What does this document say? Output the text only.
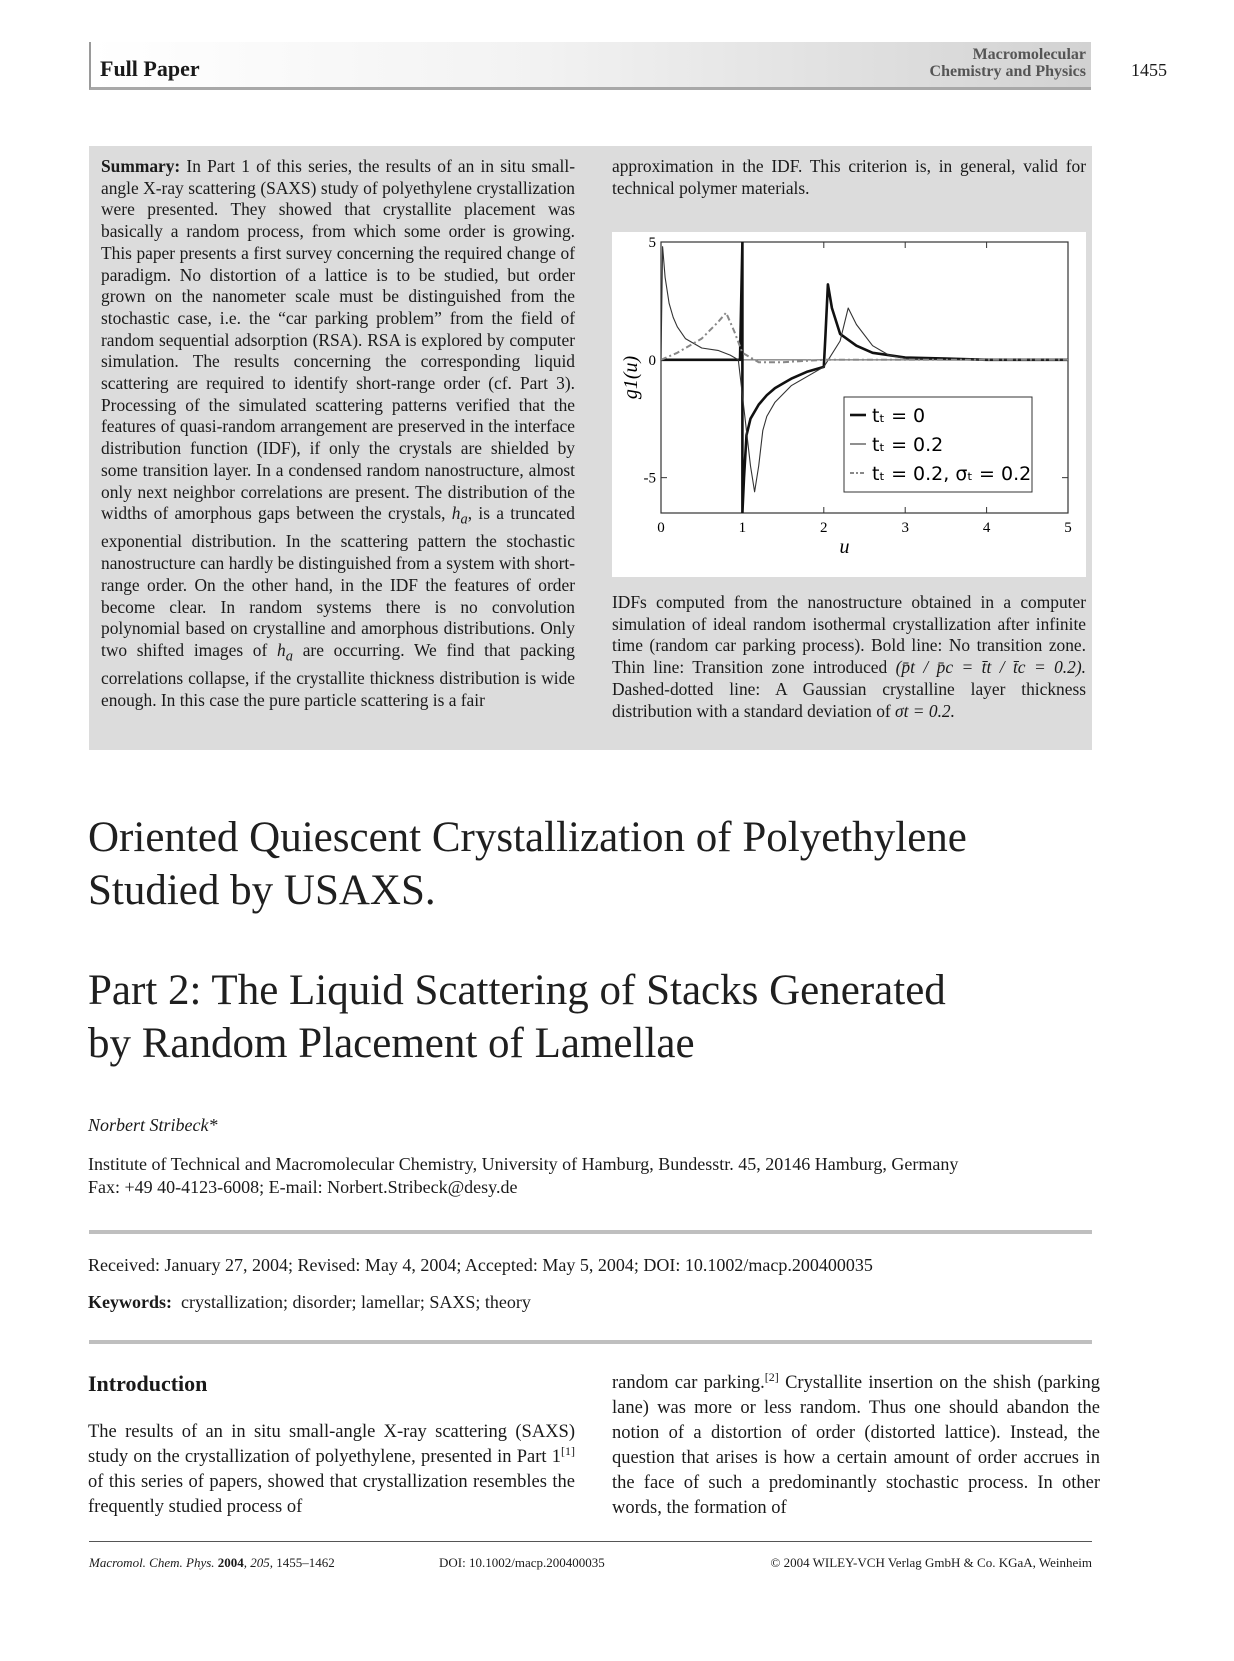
Full Paper
Macromolecular
Chemistry and Physics	1455
Summary: In Part 1 of this series, the results of an in situ small-angle X-ray scattering (SAXS) study of polyethylene crystallization were presented. They showed that crystallite placement was basically a random process, from which some order is growing. This paper presents a first survey concerning the required change of paradigm. No distortion of a lattice is to be studied, but order grown on the nanometer scale must be distinguished from the stochastic case, i.e. the “car parking problem” from the field of random sequential adsorption (RSA). RSA is explored by computer simulation. The results concerning the corresponding liquid scattering are required to identify short-range order (cf. Part 3). Processing of the simulated scattering patterns verified that the features of quasi-random arrangement are preserved in the interface distribution function (IDF), if only the crystals are shielded by some transition layer. In a condensed random nanostructure, almost only next neighbor correlations are present. The distribution of the widths of amorphous gaps between the crystals, $h_a$, is a truncated exponential distribution. In the scattering pattern the stochastic nanostructure can hardly be distinguished from a system with short-range order. On the other hand, in the IDF the features of order become clear. In random systems there is no convolution polynomial based on crystalline and amorphous distributions. Only two shifted images of $h_a$ are occurring. We find that packing correlations collapse, if the crystallite thickness distribution is wide enough. In this case the pure particle scattering is a fair
approximation in the IDF. This criterion is, in general, valid for technical polymer materials.
0	1	2	3	4	5
5
0
-5
u
g1(u)
tₜ = 0
tₜ = 0.2
tₜ = 0.2, σₜ = 0.2
IDFs computed from the nanostructure obtained in a computer simulation of ideal random isothermal crystallization after infinite time (random car parking process). Bold line: No transition zone. Thin line: Transition zone introduced (p̄t / p̄c = t̄t / t̄c = 0.2). Dashed-dotted line: A Gaussian crystalline layer thickness distribution with a standard deviation of σt = 0.2.
Oriented Quiescent Crystallization of Polyethylene
Studied by USAXS.
Part 2: The Liquid Scattering of Stacks Generated
by Random Placement of Lamellae
Norbert Stribeck*
Institute of Technical and Macromolecular Chemistry, University of Hamburg, Bundesstr. 45, 20146 Hamburg, Germany
Fax: +49 40-4123-6008; E-mail: Norbert.Stribeck@desy.de
Received: January 27, 2004; Revised: May 4, 2004; Accepted: May 5, 2004; DOI: 10.1002/macp.200400035
Keywords: crystallization; disorder; lamellar; SAXS; theory
Introduction
The results of an in situ small-angle X-ray scattering (SAXS) study on the crystallization of polyethylene, presented in Part 1[1] of this series of papers, showed that crystallization resembles the frequently studied process of
random car parking.[2] Crystallite insertion on the shish (parking lane) was more or less random. Thus one should abandon the notion of a distortion of order (distorted lattice). Instead, the question that arises is how a certain amount of order accrues in the face of such a predominantly stochastic process. In other words, the formation of
Macromol. Chem. Phys. 2004, 205, 1455–1462	DOI: 10.1002/macp.200400035	© 2004 WILEY-VCH Verlag GmbH & Co. KGaA, Weinheim
